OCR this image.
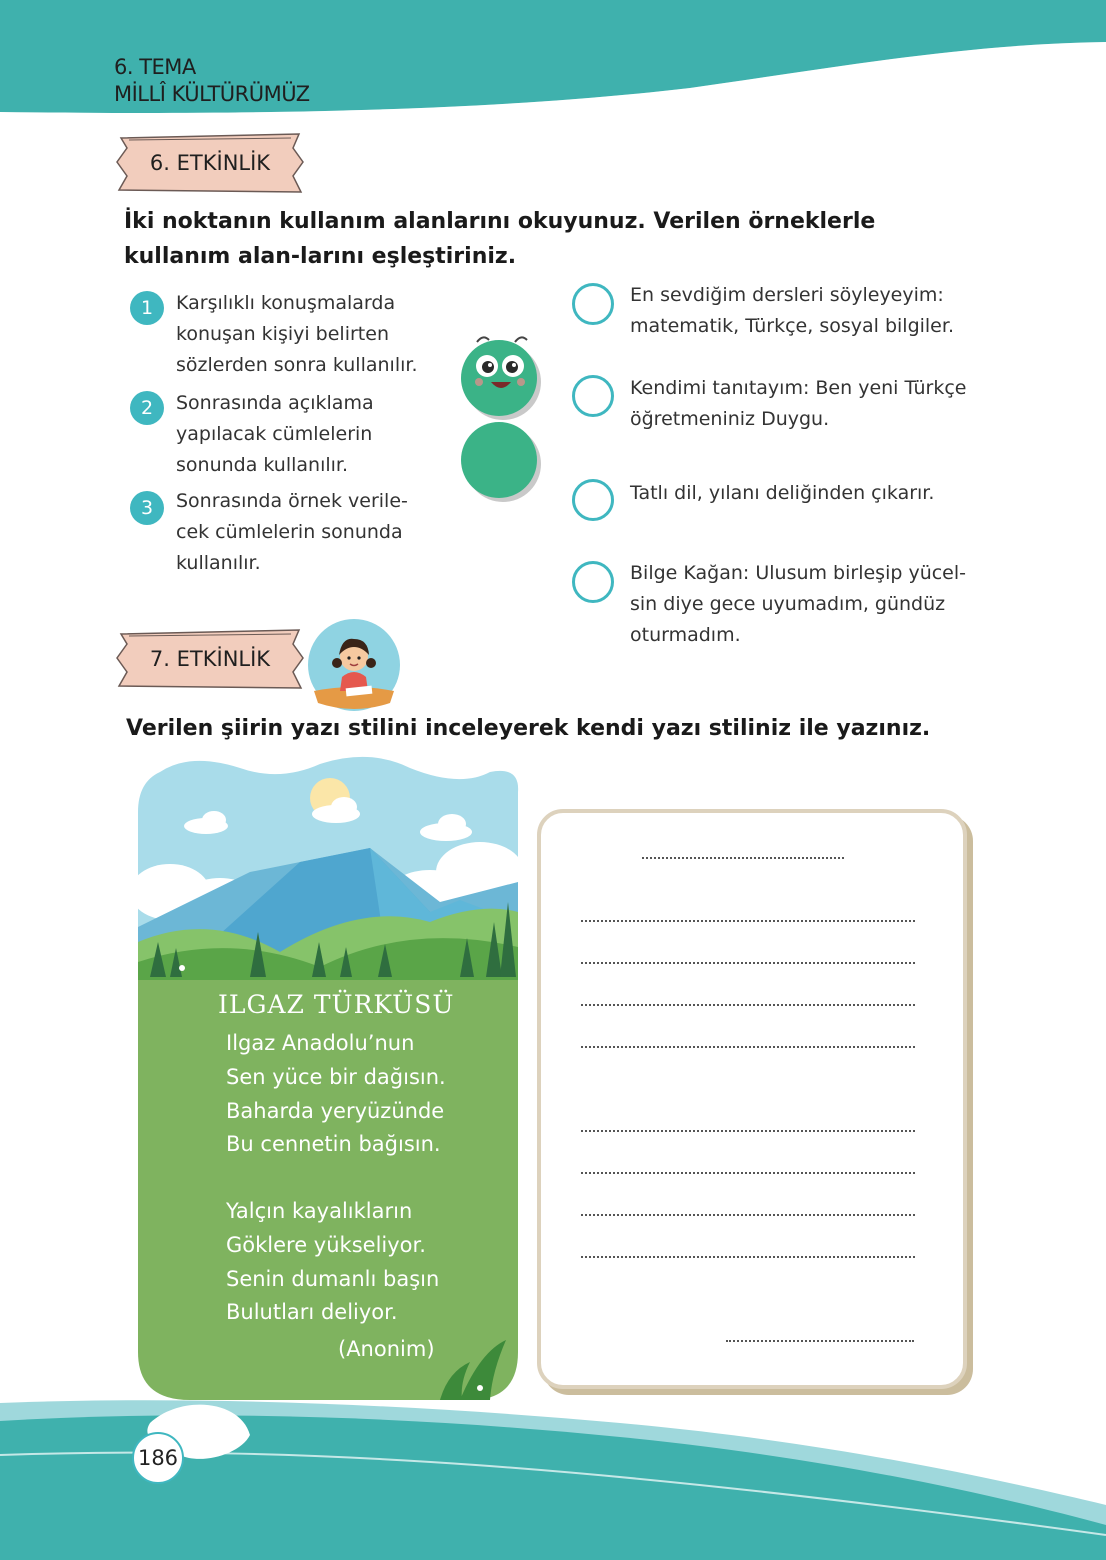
6. TEMA
MİLLÎ KÜLTÜRÜMÜZ
6. ETKİNLİK
İki noktanın kullanım alanlarını okuyunuz. Verilen örneklerle kullanım alan-larını eşleştiriniz.
1	Karşılıklı konuşmalarda konuşan kişiyi belirten sözlerden sonra kullanılır.
2	Sonrasında açıklama yapılacak cümlelerin sonunda kullanılır.
3	Sonrasında örnek verile-cek cümlelerin sonunda kullanılır.
En sevdiğim dersleri söyleyeyim: matematik, Türkçe, sosyal bilgiler.
Kendimi tanıtayım: Ben yeni Türkçe öğretmeniniz Duygu.
Tatlı dil, yılanı deliğinden çıkarır.
Bilge Kağan: Ulusum birleşip yücel-sin diye gece uyumadım, gündüz oturmadım.
7. ETKİNLİK
Verilen şiirin yazı stilini inceleyerek kendi yazı stiliniz ile yazınız.
ILGAZ TÜRKÜSÜ
Ilgaz Anadolu’nun
Sen yüce bir dağısın.
Baharda yeryüzünde
Bu cennetin bağısın.
Yalçın kayalıkların
Göklere yükseliyor.
Senin dumanlı başın
Bulutları deliyor.
(Anonim)
186
